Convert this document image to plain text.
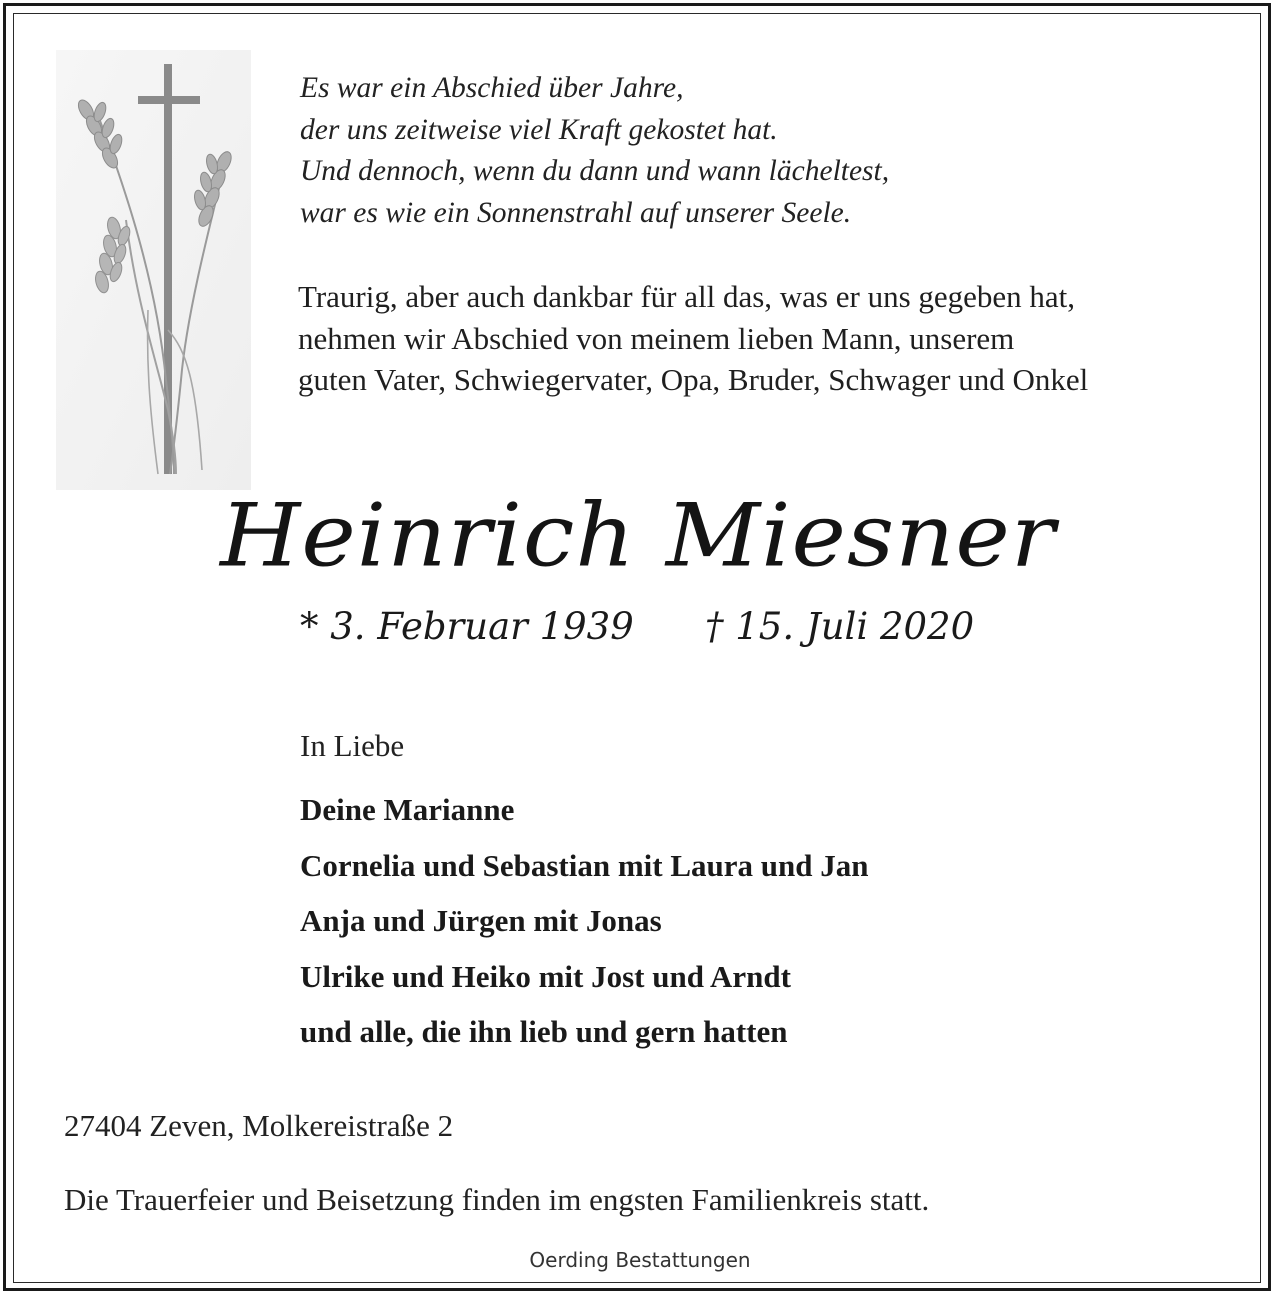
Es war ein Abschied über Jahre,
der uns zeitweise viel Kraft gekostet hat.
Und dennoch, wenn du dann und wann lächeltest,
war es wie ein Sonnenstrahl auf unserer Seele.
Traurig, aber auch dankbar für all das, was er uns gegeben hat,
nehmen wir Abschied von meinem lieben Mann, unserem
guten Vater, Schwiegervater, Opa, Bruder, Schwager und Onkel
Heinrich Miesner
* 3. Februar 1939 † 15. Juli 2020
In Liebe
Deine Marianne
Cornelia und Sebastian mit Laura und Jan
Anja und Jürgen mit Jonas
Ulrike und Heiko mit Jost und Arndt
und alle, die ihn lieb und gern hatten
27404 Zeven, Molkereistraße 2
Die Trauerfeier und Beisetzung finden im engsten Familienkreis statt.
Oerding Bestattungen
